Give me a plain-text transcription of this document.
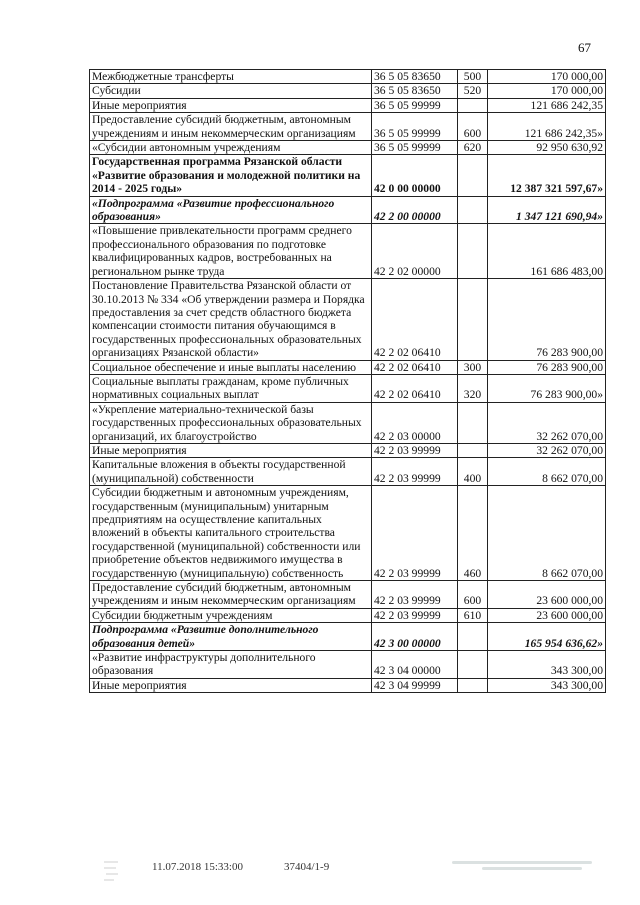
67
Межбюджетные трансферты	36 5 05 83650	500	170 000,00
Субсидии	36 5 05 83650	520	170 000,00
Иные мероприятия	36 5 05 99999		121 686 242,35
Предоставление субсидий бюджетным, автономным учреждениям и иным некоммерческим организациям	36 5 05 99999	600	121 686 242,35»
«Субсидии автономным учреждениям	36 5 05 99999	620	92 950 630,92
Государственная программа Рязанской области «Развитие образования и молодежной политики на 2014 - 2025 годы»	42 0 00 00000		12 387 321 597,67»
«Подпрограмма «Развитие профессионального образования»	42 2 00 00000		1 347 121 690,94»
«Повышение привлекательности программ среднего профессионального образования по подготовке квалифицированных кадров, востребованных на региональном рынке труда	42 2 02 00000		161 686 483,00
Постановление Правительства Рязанской области от 30.10.2013 № 334 «Об утверждении размера и Порядка предоставления за счет средств областного бюджета компенсации стоимости питания обучающимся в государственных профессиональных образовательных организациях Рязанской области»	42 2 02 06410		76 283 900,00
Социальное обеспечение и иные выплаты населению	42 2 02 06410	300	76 283 900,00
Социальные выплаты гражданам, кроме публичных нормативных социальных выплат	42 2 02 06410	320	76 283 900,00»
«Укрепление материально-технической базы государственных профессиональных образовательных организаций, их благоустройство	42 2 03 00000		32 262 070,00
Иные мероприятия	42 2 03 99999		32 262 070,00
Капитальные вложения в объекты государственной (муниципальной) собственности	42 2 03 99999	400	8 662 070,00
Субсидии бюджетным и автономным учреждениям, государственным (муниципальным) унитарным предприятиям на осуществление капитальных вложений в объекты капитального строительства государственной (муниципальной) собственности или приобретение объектов недвижимого имущества в государственную (муниципальную) собственность	42 2 03 99999	460	8 662 070,00
Предоставление субсидий бюджетным, автономным учреждениям и иным некоммерческим организациям	42 2 03 99999	600	23 600 000,00
Субсидии бюджетным учреждениям	42 2 03 99999	610	23 600 000,00
Подпрограмма «Развитие дополнительного образования детей»	42 3 00 00000		165 954 636,62»
«Развитие инфраструктуры дополнительного образования	42 3 04 00000		343 300,00
Иные мероприятия	42 3 04 99999		343 300,00
11.07.2018 15:33:00	37404/1-9
